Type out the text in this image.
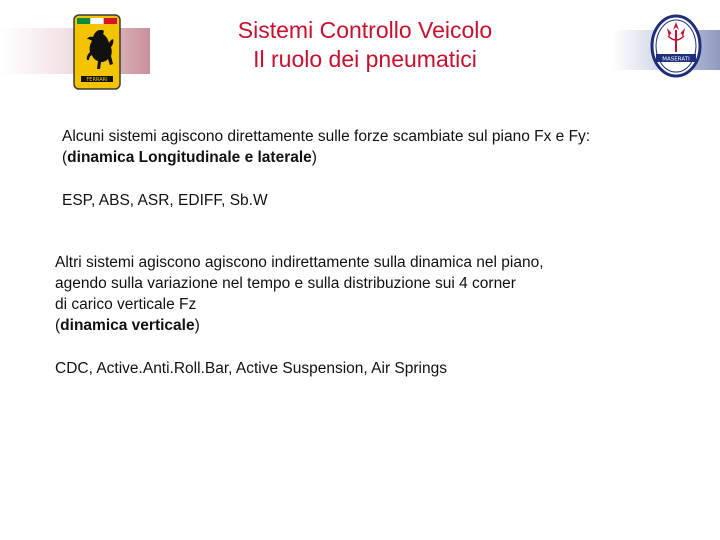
FERRARI
MASERATI
Sistemi Controllo Veicolo
Il ruolo dei pneumatici
Alcuni sistemi agiscono direttamente sulle forze scambiate sul piano Fx e Fy:
(dinamica Longitudinale e laterale)
ESP, ABS, ASR, EDIFF, Sb.W
Altri sistemi agiscono agiscono indirettamente sulla dinamica nel piano,
agendo sulla variazione nel tempo e sulla distribuzione sui 4 corner
di carico verticale Fz
(dinamica verticale)
CDC, Active.Anti.Roll.Bar, Active Suspension, Air Springs
